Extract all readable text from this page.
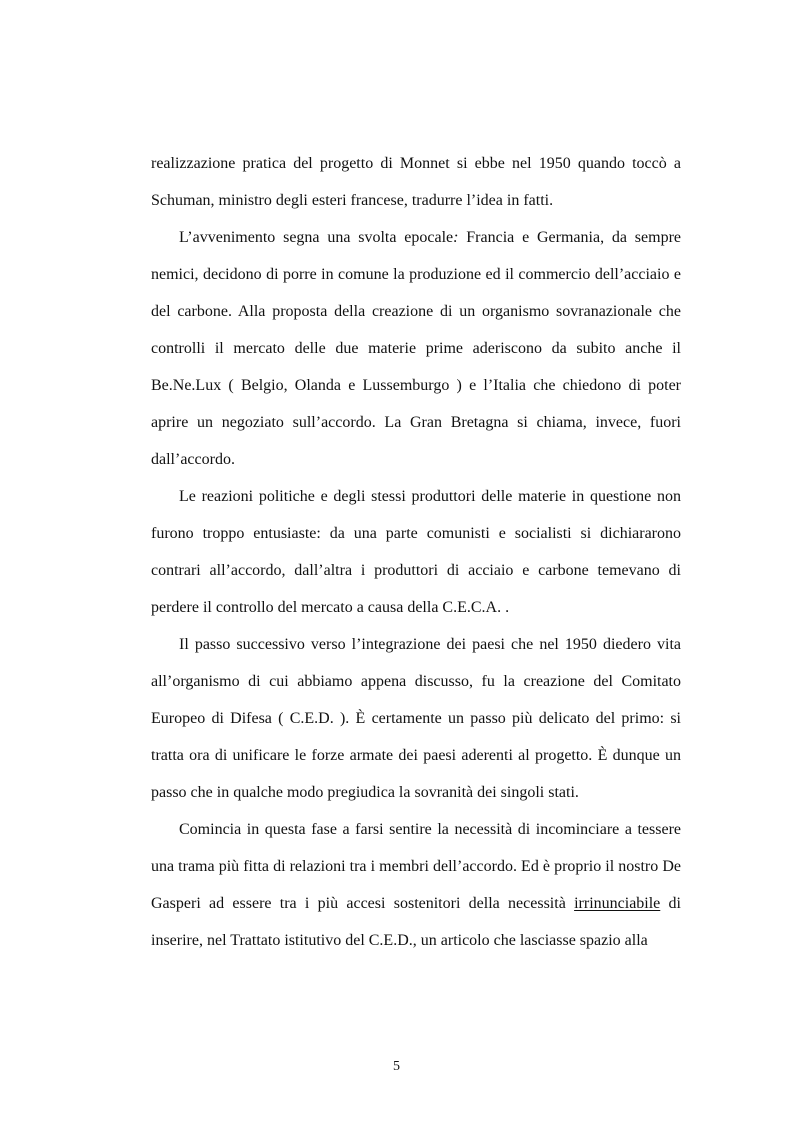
realizzazione pratica del progetto di Monnet si ebbe nel 1950 quando toccò a Schuman, ministro degli esteri francese, tradurre l’idea in fatti.

L’avvenimento segna una svolta epocale: Francia e Germania, da sempre nemici, decidono di porre in comune la produzione ed il commercio dell’acciaio e del carbone. Alla proposta della creazione di un organismo sovranazionale che controlli il mercato delle due materie prime aderiscono da subito anche il Be.Ne.Lux ( Belgio, Olanda e Lussemburgo ) e l’Italia che chiedono di poter aprire un negoziato sull’accordo. La Gran Bretagna si chiama, invece, fuori dall’accordo.

Le reazioni politiche e degli stessi produttori delle materie in questione non furono troppo entusiaste: da una parte comunisti e socialisti si dichiararono contrari all’accordo, dall’altra i produttori di acciaio e carbone temevano di perdere il controllo del mercato a causa della C.E.C.A. .

Il passo successivo verso l’integrazione dei paesi che nel 1950 diedero vita all’organismo di cui abbiamo appena discusso, fu la creazione del Comitato Europeo di Difesa ( C.E.D. ). È certamente un passo più delicato del primo: si tratta ora di unificare le forze armate dei paesi aderenti al progetto. È dunque un passo che in qualche modo pregiudica la sovranità dei singoli stati.

Comincia in questa fase a farsi sentire la necessità di incominciare a tessere una trama più fitta di relazioni tra i membri dell’accordo. Ed è proprio il nostro De Gasperi ad essere tra i più accesi sostenitori della necessità irrinunciabile di inserire, nel Trattato istitutivo del C.E.D., un articolo che lasciasse spazio alla

5
